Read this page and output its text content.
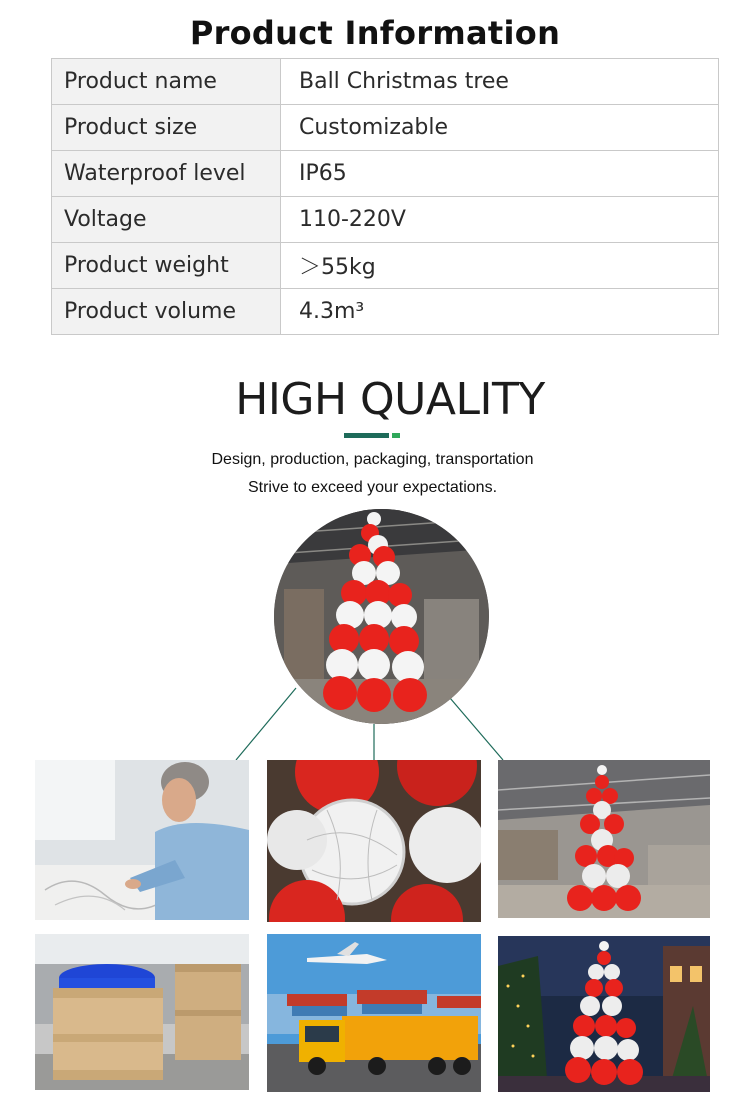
Product Information
Product name	Ball Christmas tree
Product size	Customizable
Waterproof level	IP65
Voltage	110-220V
Product weight	＞55kg
Product volume	4.3m³
HIGH QUALITY
Design, production, packaging, transportation
Strive to exceed your expectations.
